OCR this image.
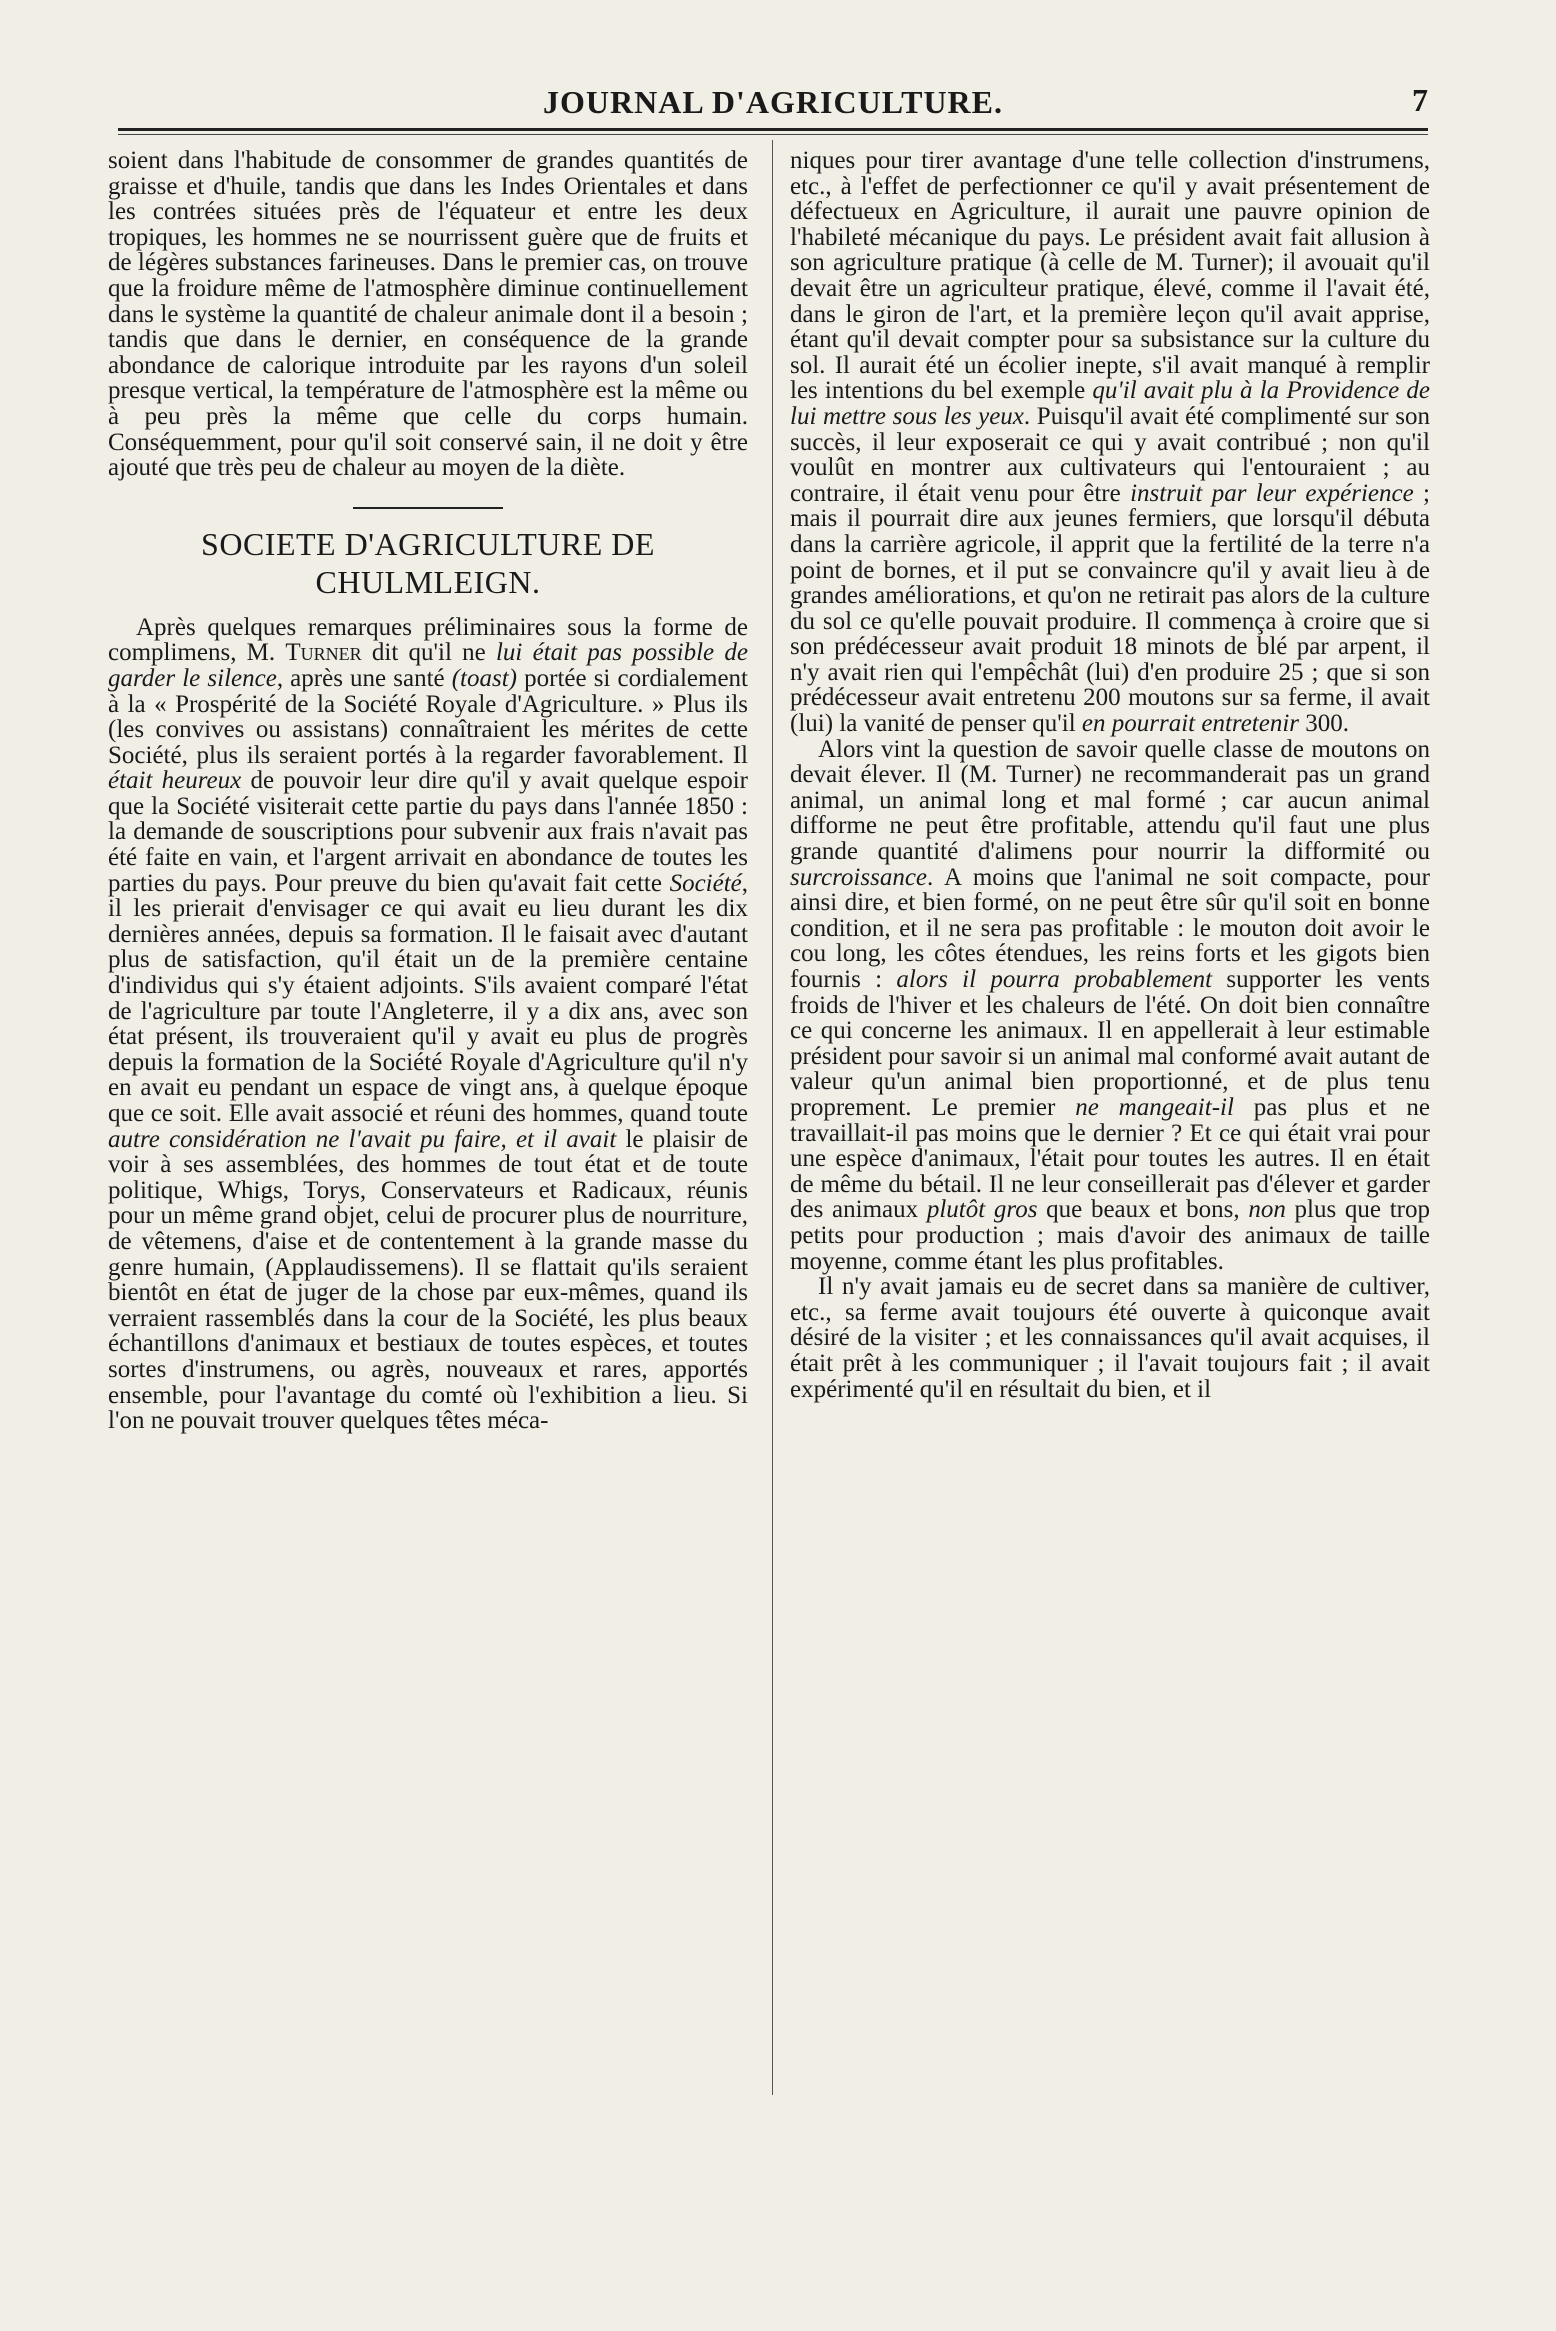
JOURNAL D'AGRICULTURE.	7

soient dans l'habitude de consommer de grandes quantités de graisse et d'huile, tandis que dans les Indes Orientales et dans les contrées situées près de l'équateur et entre les deux tropiques, les hommes ne se nourrissent guère que de fruits et de légères substances farineuses. Dans le premier cas, on trouve que la froidure même de l'atmosphère diminue continuellement dans le système la quantité de chaleur animale dont il a besoin ; tandis que dans le dernier, en conséquence de la grande abondance de calorique introduite par les rayons d'un soleil presque vertical, la température de l'atmosphère est la même ou à peu près la même que celle du corps humain. Conséquemment, pour qu'il soit conservé sain, il ne doit y être ajouté que très peu de chaleur au moyen de la diète.

SOCIETE D'AGRICULTURE DE CHULMLEIGN.

Après quelques remarques préliminaires sous la forme de complimens, M. Turner dit qu'il ne lui était pas possible de garder le silence, après une santé (toast) portée si cordialement à la « Prospérité de la Société Royale d'Agriculture. » Plus ils (les convives ou assistans) connaîtraient les mérites de cette Société, plus ils seraient portés à la regarder favorablement. Il était heureux de pouvoir leur dire qu'il y avait quelque espoir que la Société visiterait cette partie du pays dans l'année 1850 : la demande de souscriptions pour subvenir aux frais n'avait pas été faite en vain, et l'argent arrivait en abondance de toutes les parties du pays. Pour preuve du bien qu'avait fait cette Société, il les prierait d'envisager ce qui avait eu lieu durant les dix dernières années, depuis sa formation. Il le faisait avec d'autant plus de satisfaction, qu'il était un de la première centaine d'individus qui s'y étaient adjoints. S'ils avaient comparé l'état de l'agriculture par toute l'Angleterre, il y a dix ans, avec son état présent, ils trouveraient qu'il y avait eu plus de progrès depuis la formation de la Société Royale d'Agriculture qu'il n'y en avait eu pendant un espace de vingt ans, à quelque époque que ce soit. Elle avait associé et réuni des hommes, quand toute autre considération ne l'avait pu faire, et il avait le plaisir de voir à ses assemblées, des hommes de tout état et de toute politique, Whigs, Torys, Conservateurs et Radicaux, réunis pour un même grand objet, celui de procurer plus de nourriture, de vêtemens, d'aise et de contentement à la grande masse du genre humain, (Applaudissemens). Il se flattait qu'ils seraient bientôt en état de juger de la chose par eux-mêmes, quand ils verraient rassemblés dans la cour de la Société, les plus beaux échantillons d'animaux et bestiaux de toutes espèces, et toutes sortes d'instrumens, ou agrès, nouveaux et rares, apportés ensemble, pour l'avantage du comté où l'exhibition a lieu. Si l'on ne pouvait trouver quelques têtes méca-

niques pour tirer avantage d'une telle collection d'instrumens, etc., à l'effet de perfectionner ce qu'il y avait présentement de défectueux en Agriculture, il aurait une pauvre opinion de l'habileté mécanique du pays. Le président avait fait allusion à son agriculture pratique (à celle de M. Turner); il avouait qu'il devait être un agriculteur pratique, élevé, comme il l'avait été, dans le giron de l'art, et la première leçon qu'il avait apprise, étant qu'il devait compter pour sa subsistance sur la culture du sol. Il aurait été un écolier inepte, s'il avait manqué à remplir les intentions du bel exemple qu'il avait plu à la Providence de lui mettre sous les yeux. Puisqu'il avait été complimenté sur son succès, il leur exposerait ce qui y avait contribué ; non qu'il voulût en montrer aux cultivateurs qui l'entouraient ; au contraire, il était venu pour être instruit par leur expérience ; mais il pourrait dire aux jeunes fermiers, que lorsqu'il débuta dans la carrière agricole, il apprit que la fertilité de la terre n'a point de bornes, et il put se convaincre qu'il y avait lieu à de grandes améliorations, et qu'on ne retirait pas alors de la culture du sol ce qu'elle pouvait produire. Il commença à croire que si son prédécesseur avait produit 18 minots de blé par arpent, il n'y avait rien qui l'empêchât (lui) d'en produire 25 ; que si son prédécesseur avait entretenu 200 moutons sur sa ferme, il avait (lui) la vanité de penser qu'il en pourrait entretenir 300.

Alors vint la question de savoir quelle classe de moutons on devait élever. Il (M. Turner) ne recommanderait pas un grand animal, un animal long et mal formé ; car aucun animal difforme ne peut être profitable, attendu qu'il faut une plus grande quantité d'alimens pour nourrir la difformité ou surcroissance. A moins que l'animal ne soit compacte, pour ainsi dire, et bien formé, on ne peut être sûr qu'il soit en bonne condition, et il ne sera pas profitable : le mouton doit avoir le cou long, les côtes étendues, les reins forts et les gigots bien fournis : alors il pourra probablement supporter les vents froids de l'hiver et les chaleurs de l'été. On doit bien connaître ce qui concerne les animaux. Il en appellerait à leur estimable président pour savoir si un animal mal conformé avait autant de valeur qu'un animal bien proportionné, et de plus tenu proprement. Le premier ne mangeait-il pas plus et ne travaillait-il pas moins que le dernier ? Et ce qui était vrai pour une espèce d'animaux, l'était pour toutes les autres. Il en était de même du bétail. Il ne leur conseillerait pas d'élever et garder des animaux plutôt gros que beaux et bons, non plus que trop petits pour production ; mais d'avoir des animaux de taille moyenne, comme étant les plus profitables.

Il n'y avait jamais eu de secret dans sa manière de cultiver, etc., sa ferme avait toujours été ouverte à quiconque avait désiré de la visiter ; et les connaissances qu'il avait acquises, il était prêt à les communiquer ; il l'avait toujours fait ; il avait expérimenté qu'il en résultait du bien, et il
